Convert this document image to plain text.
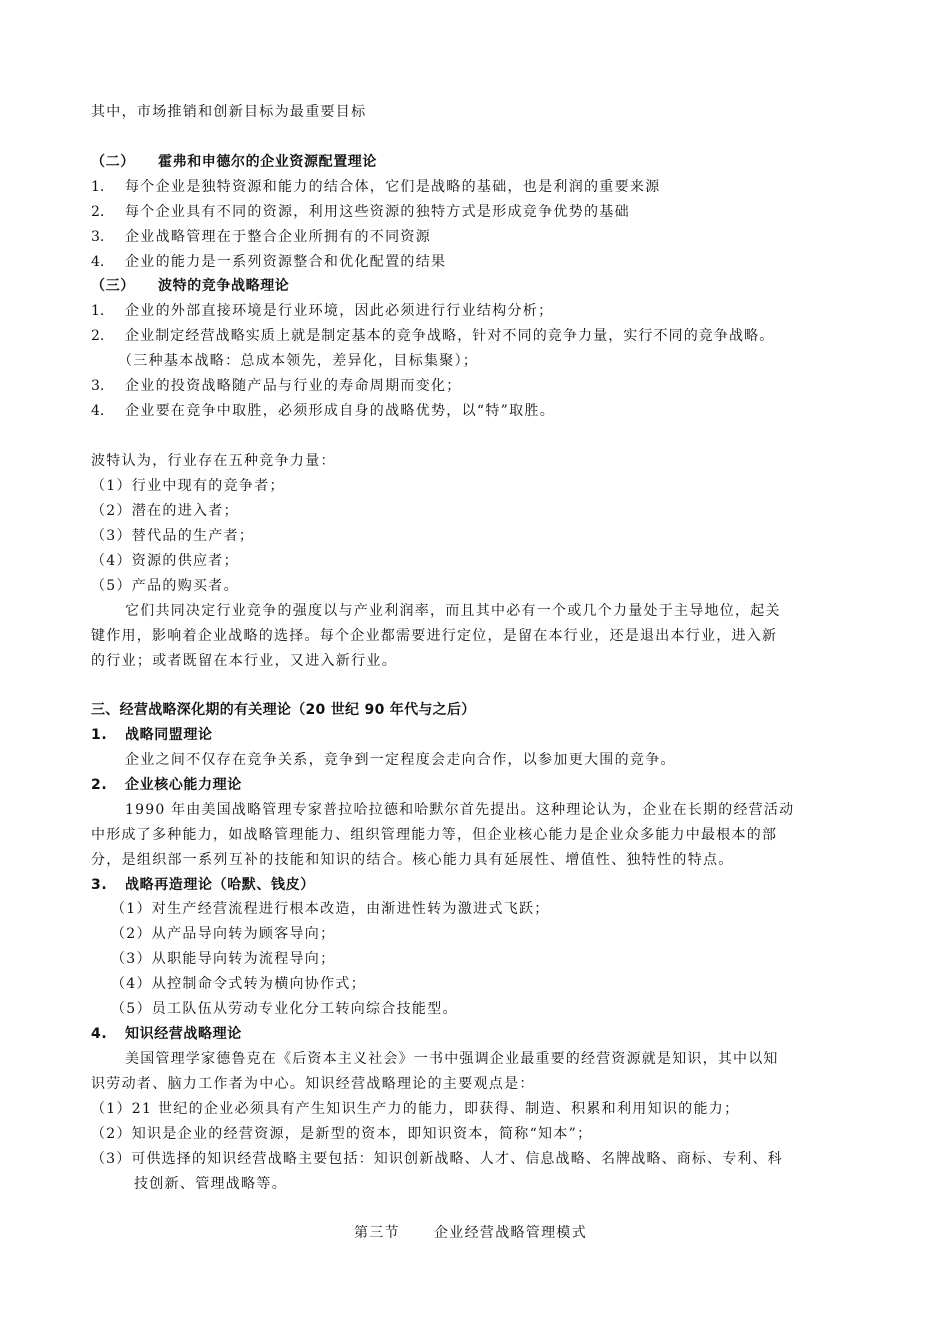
其中，市场推销和创新目标为最重要目标
（二） 霍弗和申德尔的企业资源配置理论
1. 每个企业是独特资源和能力的结合体，它们是战略的基础，也是利润的重要来源
2. 每个企业具有不同的资源，利用这些资源的独特方式是形成竞争优势的基础
3. 企业战略管理在于整合企业所拥有的不同资源
4. 企业的能力是一系列资源整合和优化配置的结果
（三） 波特的竞争战略理论
1. 企业的外部直接环境是行业环境，因此必须进行行业结构分析；
2. 企业制定经营战略实质上就是制定基本的竞争战略，针对不同的竞争力量，实行不同的竞争战略。
（三种基本战略：总成本领先，差异化，目标集聚）；
3. 企业的投资战略随产品与行业的寿命周期而变化；
4. 企业要在竞争中取胜，必须形成自身的战略优势，以“特”取胜。
波特认为，行业存在五种竞争力量：
（1）行业中现有的竞争者；
（2）潜在的进入者；
（3）替代品的生产者；
（4）资源的供应者；
（5）产品的购买者。
它们共同决定行业竞争的强度以与产业利润率，而且其中必有一个或几个力量处于主导地位，起关
键作用，影响着企业战略的选择。每个企业都需要进行定位，是留在本行业，还是退出本行业，进入新
的行业；或者既留在本行业，又进入新行业。
三、经营战略深化期的有关理论（20 世纪 90 年代与之后）
1. 战略同盟理论
企业之间不仅存在竞争关系，竞争到一定程度会走向合作，以参加更大围的竞争。
2. 企业核心能力理论
1990 年由美国战略管理专家普拉哈拉德和哈默尔首先提出。这种理论认为，企业在长期的经营活动
中形成了多种能力，如战略管理能力、组织管理能力等，但企业核心能力是企业众多能力中最根本的部
分，是组织部一系列互补的技能和知识的结合。核心能力具有延展性、增值性、独特性的特点。
3. 战略再造理论（哈默、钱皮）
（1）对生产经营流程进行根本改造，由渐进性转为激进式飞跃；
（2）从产品导向转为顾客导向；
（3）从职能导向转为流程导向；
（4）从控制命令式转为横向协作式；
（5）员工队伍从劳动专业化分工转向综合技能型。
4. 知识经营战略理论
美国管理学家德鲁克在《后资本主义社会》一书中强调企业最重要的经营资源就是知识，其中以知
识劳动者、脑力工作者为中心。知识经营战略理论的主要观点是：
（1）21 世纪的企业必须具有产生知识生产力的能力，即获得、制造、积累和利用知识的能力；
（2）知识是企业的经营资源，是新型的资本，即知识资本，简称“知本”；
（3）可供选择的知识经营战略主要包括：知识创新战略、人才、信息战略、名牌战略、商标、专利、科
技创新、管理战略等。
第三节 企业经营战略管理模式
